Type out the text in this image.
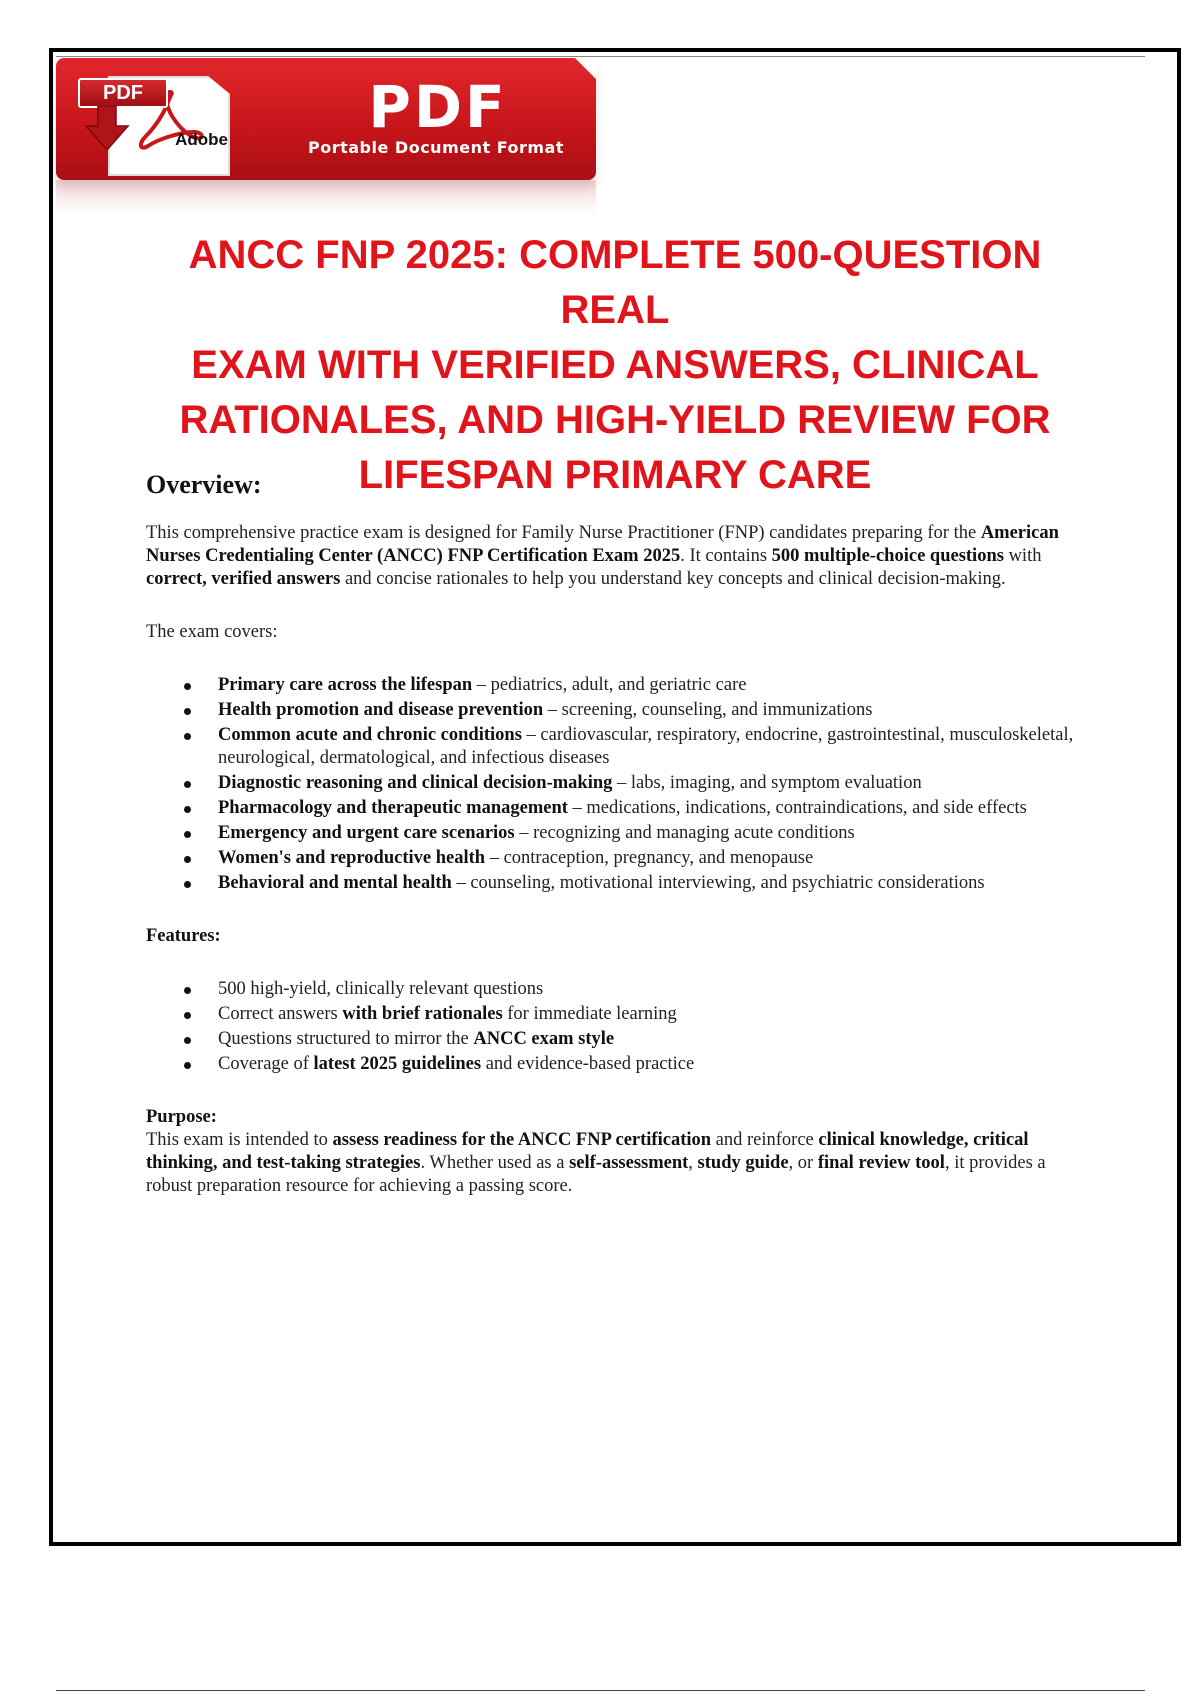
Adobe
PDF	PDF
Portable Document Format
ANCC FNP 2025: COMPLETE 500-QUESTION REAL
EXAM WITH VERIFIED ANSWERS, CLINICAL
RATIONALES, AND HIGH-YIELD REVIEW FOR
LIFESPAN PRIMARY CARE
Overview:

This comprehensive practice exam is designed for Family Nurse Practitioner (FNP) candidates preparing for the American Nurses Credentialing Center (ANCC) FNP Certification Exam 2025. It contains 500 multiple-choice questions with correct, verified answers and concise rationales to help you understand key concepts and clinical decision-making.

The exam covers:

Primary care across the lifespan – pediatrics, adult, and geriatric care
Health promotion and disease prevention – screening, counseling, and immunizations
Common acute and chronic conditions – cardiovascular, respiratory, endocrine, gastrointestinal, musculoskeletal, neurological, dermatological, and infectious diseases
Diagnostic reasoning and clinical decision-making – labs, imaging, and symptom evaluation
Pharmacology and therapeutic management – medications, indications, contraindications, and side effects
Emergency and urgent care scenarios – recognizing and managing acute conditions
Women's and reproductive health – contraception, pregnancy, and menopause
Behavioral and mental health – counseling, motivational interviewing, and psychiatric considerations

Features:

500 high-yield, clinically relevant questions
Correct answers with brief rationales for immediate learning
Questions structured to mirror the ANCC exam style
Coverage of latest 2025 guidelines and evidence-based practice

Purpose:

This exam is intended to assess readiness for the ANCC FNP certification and reinforce clinical knowledge, critical thinking, and test-taking strategies. Whether used as a self-assessment, study guide, or final review tool, it provides a robust preparation resource for achieving a passing score.
